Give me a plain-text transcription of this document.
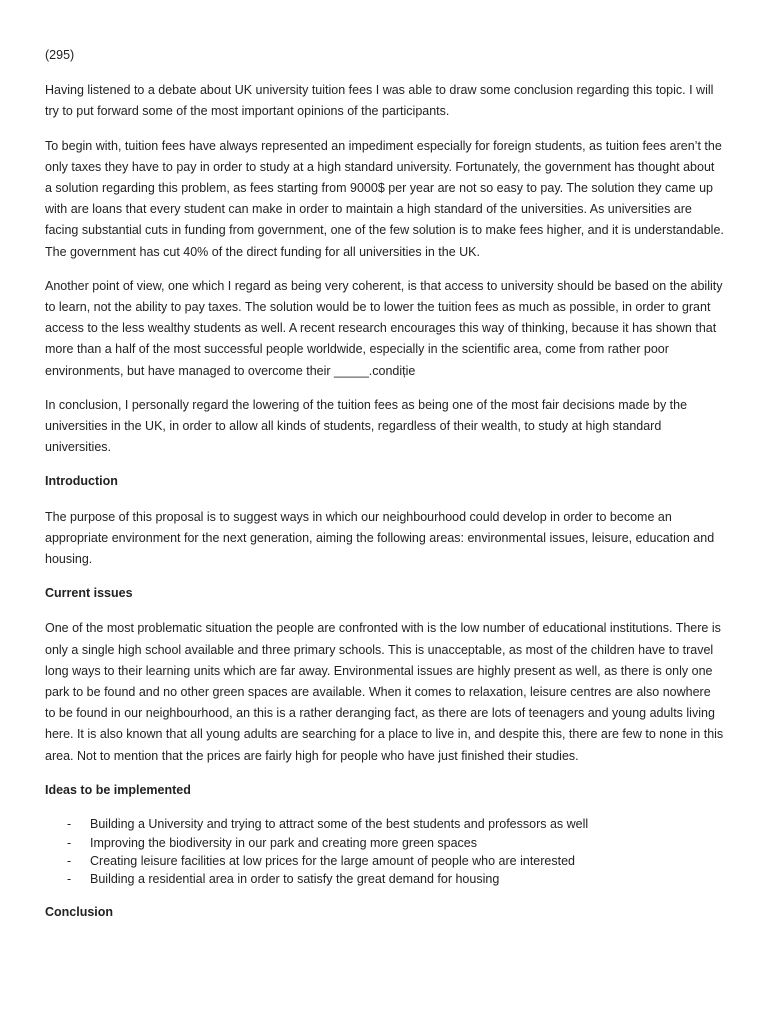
(295)

Having listened to a debate about UK university tuition fees I was able to draw some conclusion regarding this topic. I will try to put forward some of the most important opinions of the participants.

To begin with, tuition fees have always represented an impediment especially for foreign students, as tuition fees aren’t the only taxes they have to pay in order to study at a high standard university. Fortunately, the government has thought about a solution regarding this problem, as fees starting from 9000$ per year are not so easy to pay. The solution they came up with are loans that every student can make in order to maintain a high standard of the universities. As universities are facing substantial cuts in funding from government, one of the few solution is to make fees higher, and it is understandable. The government has cut 40% of the direct funding for all universities in the UK.

Another point of view, one which I regard as being very coherent, is that access to university should be based on the ability to learn, not the ability to pay taxes. The solution would be to lower the tuition fees as much as possible, in order to grant access to the less wealthy students as well. A recent research encourages this way of thinking, because it has shown that more than a half of the most successful people worldwide, especially in the scientific area, come from rather poor environments, but have managed to overcome their _____.condiție

In conclusion, I personally regard the lowering of the tuition fees as being one of the most fair decisions made by the universities in the UK, in order to allow all kinds of students, regardless of their wealth, to study at high standard universities.

Introduction

The purpose of this proposal is to suggest ways in which our neighbourhood could develop in order to become an appropriate environment for the next generation, aiming the following areas: environmental issues, leisure, education and housing.

Current issues

One of the most problematic situation the people are confronted with is the low number of educational institutions. There is only a single high school available and three primary schools. This is unacceptable, as most of the children have to travel long ways to their learning units which are far away. Environmental issues are highly present as well, as there is only one park to be found and no other green spaces are available. When it comes to relaxation, leisure centres are also nowhere to be found in our neighbourhood, an this is a rather deranging fact, as there are lots of teenagers and young adults living here. It is also known that all young adults are searching for a place to live in, and despite this, there are few to none in this area. Not to mention that the prices are fairly high for people who have just finished their studies.

Ideas to be implemented
- Building a University and trying to attract some of the best students and professors as well
- Improving the biodiversity in our park and creating more green spaces
- Creating leisure facilities at low prices for the large amount of people who are interested
- Building a residential area in order to satisfy the great demand for housing
Conclusion
